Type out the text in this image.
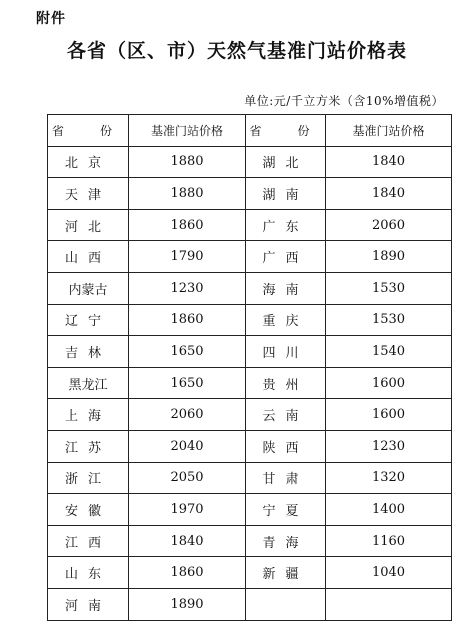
附件
各省（区、市）天然气基准门站价格表
单位:元/千立方米（含10%增值税）
省　份	基准门站价格	省　份	基准门站价格
北京	1880	湖北	1840
天津	1880	湖南	1840
河北	1860	广东	2060
山西	1790	广西	1890
内蒙古	1230	海南	1530
辽宁	1860	重庆	1530
吉林	1650	四川	1540
黑龙江	1650	贵州	1600
上海	2060	云南	1600
江苏	2040	陕西	1230
浙江	2050	甘肃	1320
安徽	1970	宁夏	1400
江西	1840	青海	1160
山东	1860	新疆	1040
河南	1890		
